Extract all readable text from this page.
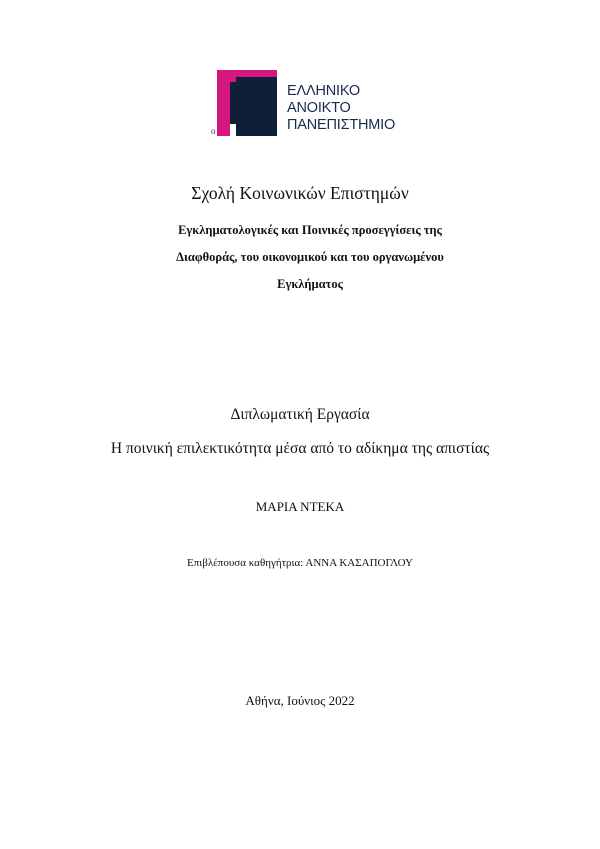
ΕΛΛΗΝΙΚΟ
ΑΝΟΙΚΤΟ
ΠΑΝΕΠΙΣΤΗΜΙΟ
o
Σχολή Κοινωνικών Επιστημών
Εγκληματολογικές και Ποινικές προσεγγίσεις της
Διαφθοράς, του οικονομικού και του οργανωμένου
Εγκλήματος
Διπλωματική Εργασία
Η ποινική επιλεκτικότητα μέσα από το αδίκημα της απιστίας
ΜΑΡΙΑ ΝΤΕΚΑ
Επιβλέπουσα καθηγήτρια: ΑΝΝΑ ΚΑΣΑΠΟΓΛΟΥ
Αθήνα, Ιούνιος 2022
